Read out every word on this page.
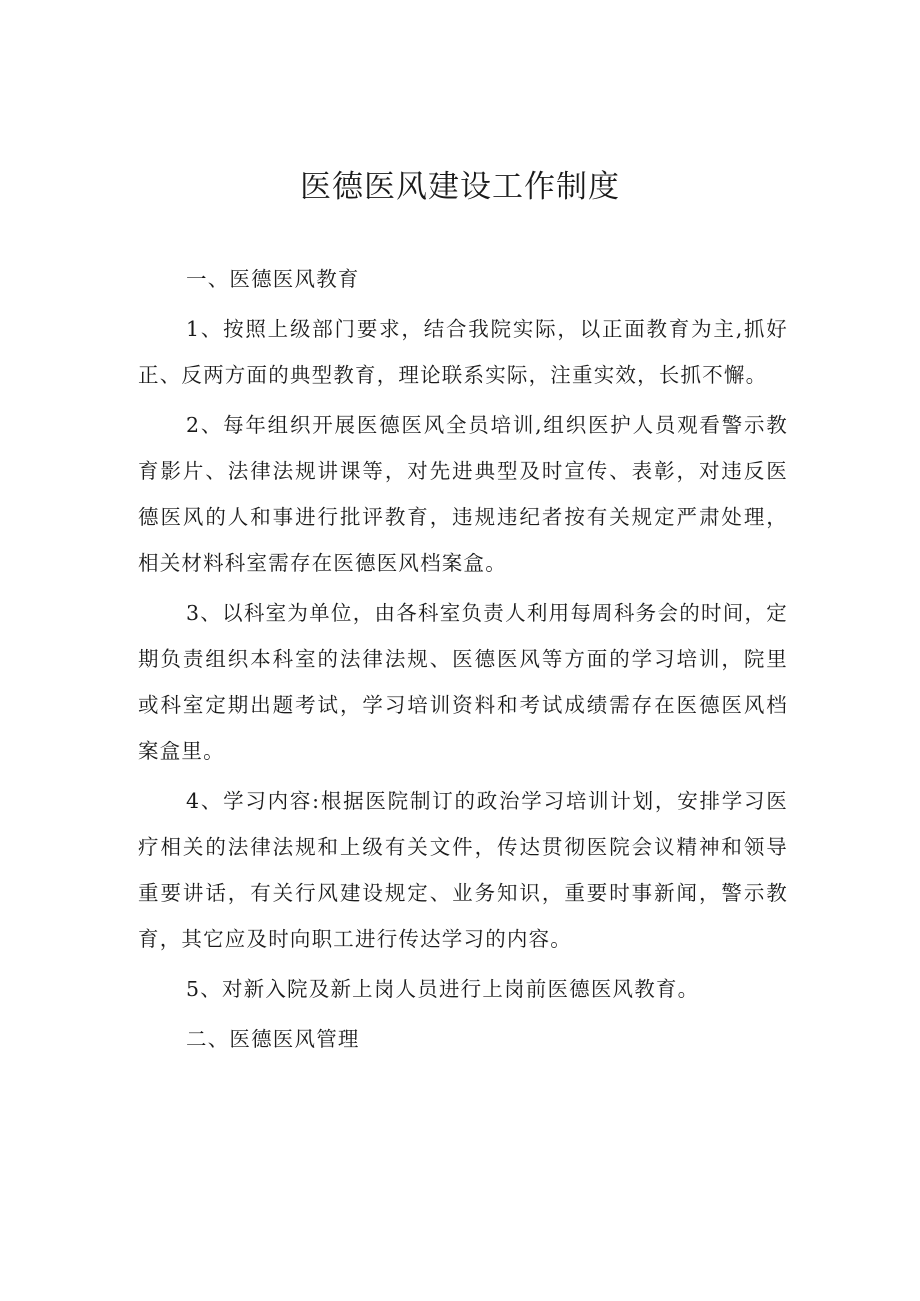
医德医风建设工作制度

一、医德医风教育

1、按照上级部门要求，结合我院实际，以正面教育为主,抓好正、反两方面的典型教育，理论联系实际，注重实效，长抓不懈。

2、每年组织开展医德医风全员培训,组织医护人员观看警示教育影片、法律法规讲课等，对先进典型及时宣传、表彰，对违反医德医风的人和事进行批评教育，违规违纪者按有关规定严肃处理，相关材料科室需存在医德医风档案盒。

3、以科室为单位，由各科室负责人利用每周科务会的时间，定期负责组织本科室的法律法规、医德医风等方面的学习培训，院里或科室定期出题考试，学习培训资料和考试成绩需存在医德医风档案盒里。

4、学习内容:根据医院制订的政治学习培训计划，安排学习医疗相关的法律法规和上级有关文件，传达贯彻医院会议精神和领导重要讲话，有关行风建设规定、业务知识，重要时事新闻，警示教育，其它应及时向职工进行传达学习的内容。

5、对新入院及新上岗人员进行上岗前医德医风教育。

二、医德医风管理
